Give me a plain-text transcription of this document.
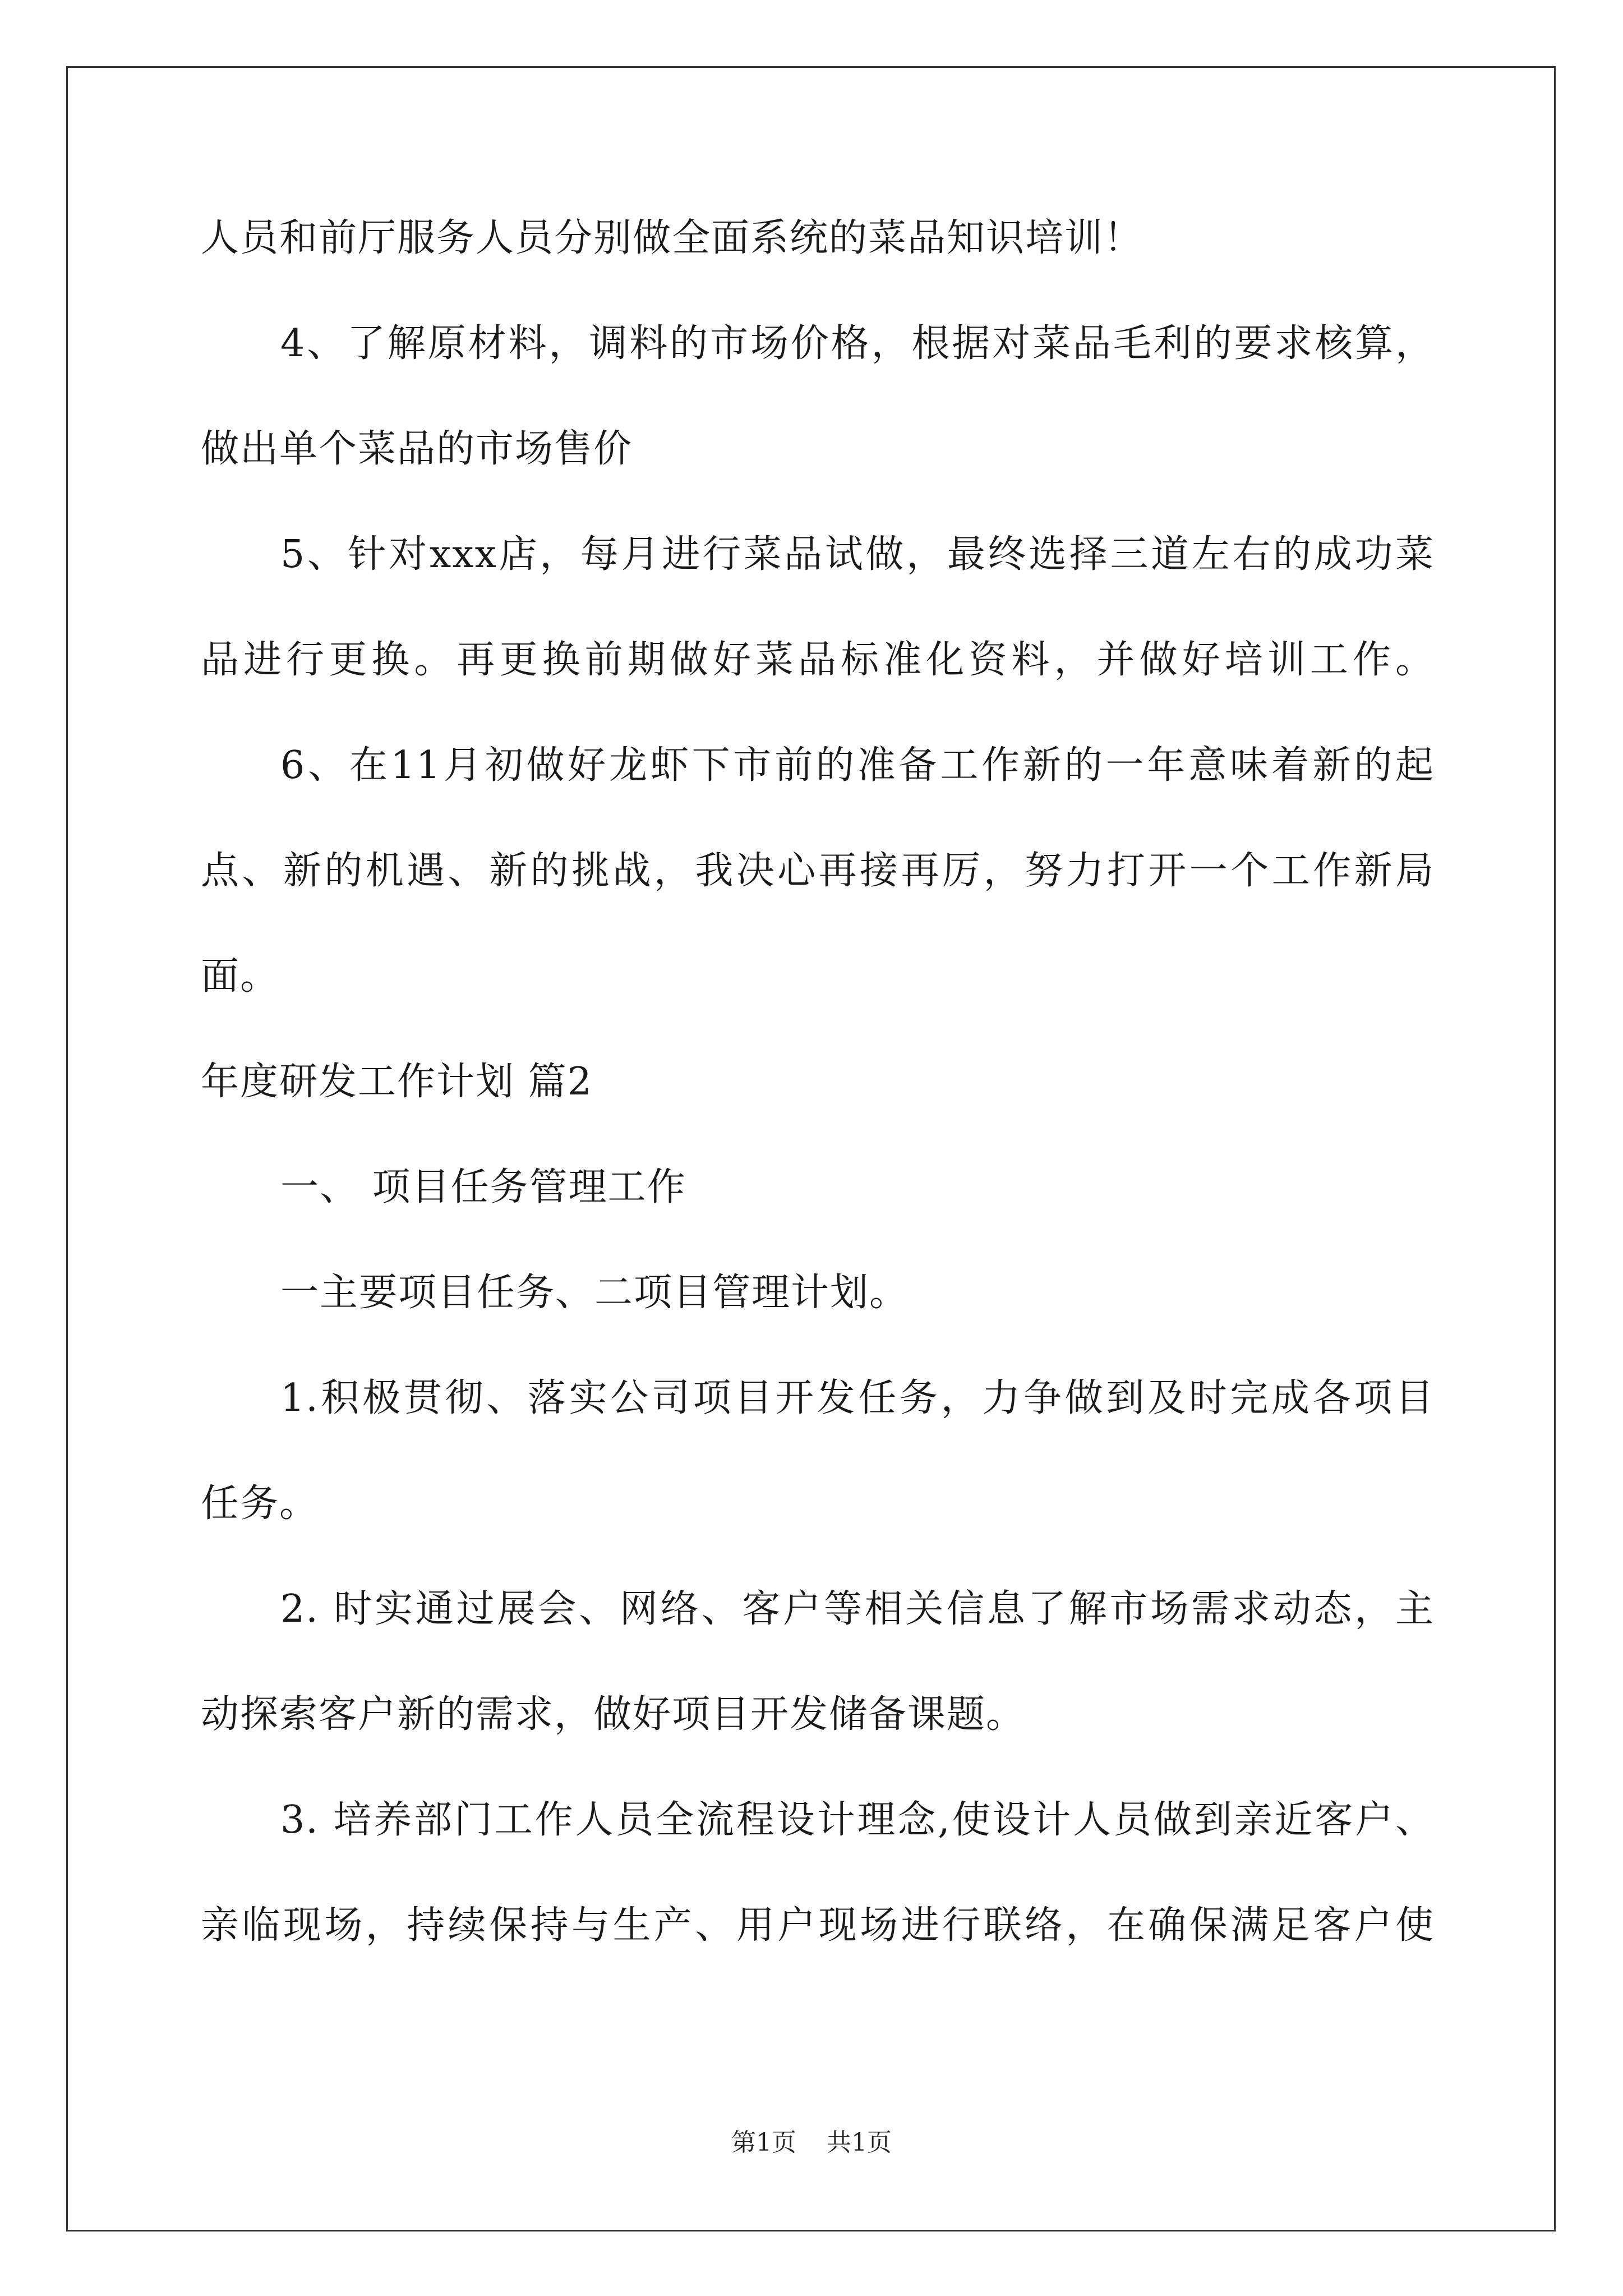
人员和前厅服务人员分别做全面系统的菜品知识培训！
4、了解原材料，调料的市场价格，根据对菜品毛利的要求核算，
做出单个菜品的市场售价
5、针对xxx店，每月进行菜品试做，最终选择三道左右的成功菜
品进行更换。再更换前期做好菜品标准化资料，并做好培训工作。
6、在11月初做好龙虾下市前的准备工作新的一年意味着新的起
点、新的机遇、新的挑战，我决心再接再厉，努力打开一个工作新局
面。
年度研发工作计划 篇2
一、 项目任务管理工作
一主要项目任务、二项目管理计划。
1.积极贯彻、落实公司项目开发任务，力争做到及时完成各项目
任务。
2. 时实通过展会、网络、客户等相关信息了解市场需求动态，主
动探索客户新的需求，做好项目开发储备课题。
3. 培养部门工作人员全流程设计理念,使设计人员做到亲近客户、
亲临现场，持续保持与生产、用户现场进行联络，在确保满足客户使
第1页 共1页
